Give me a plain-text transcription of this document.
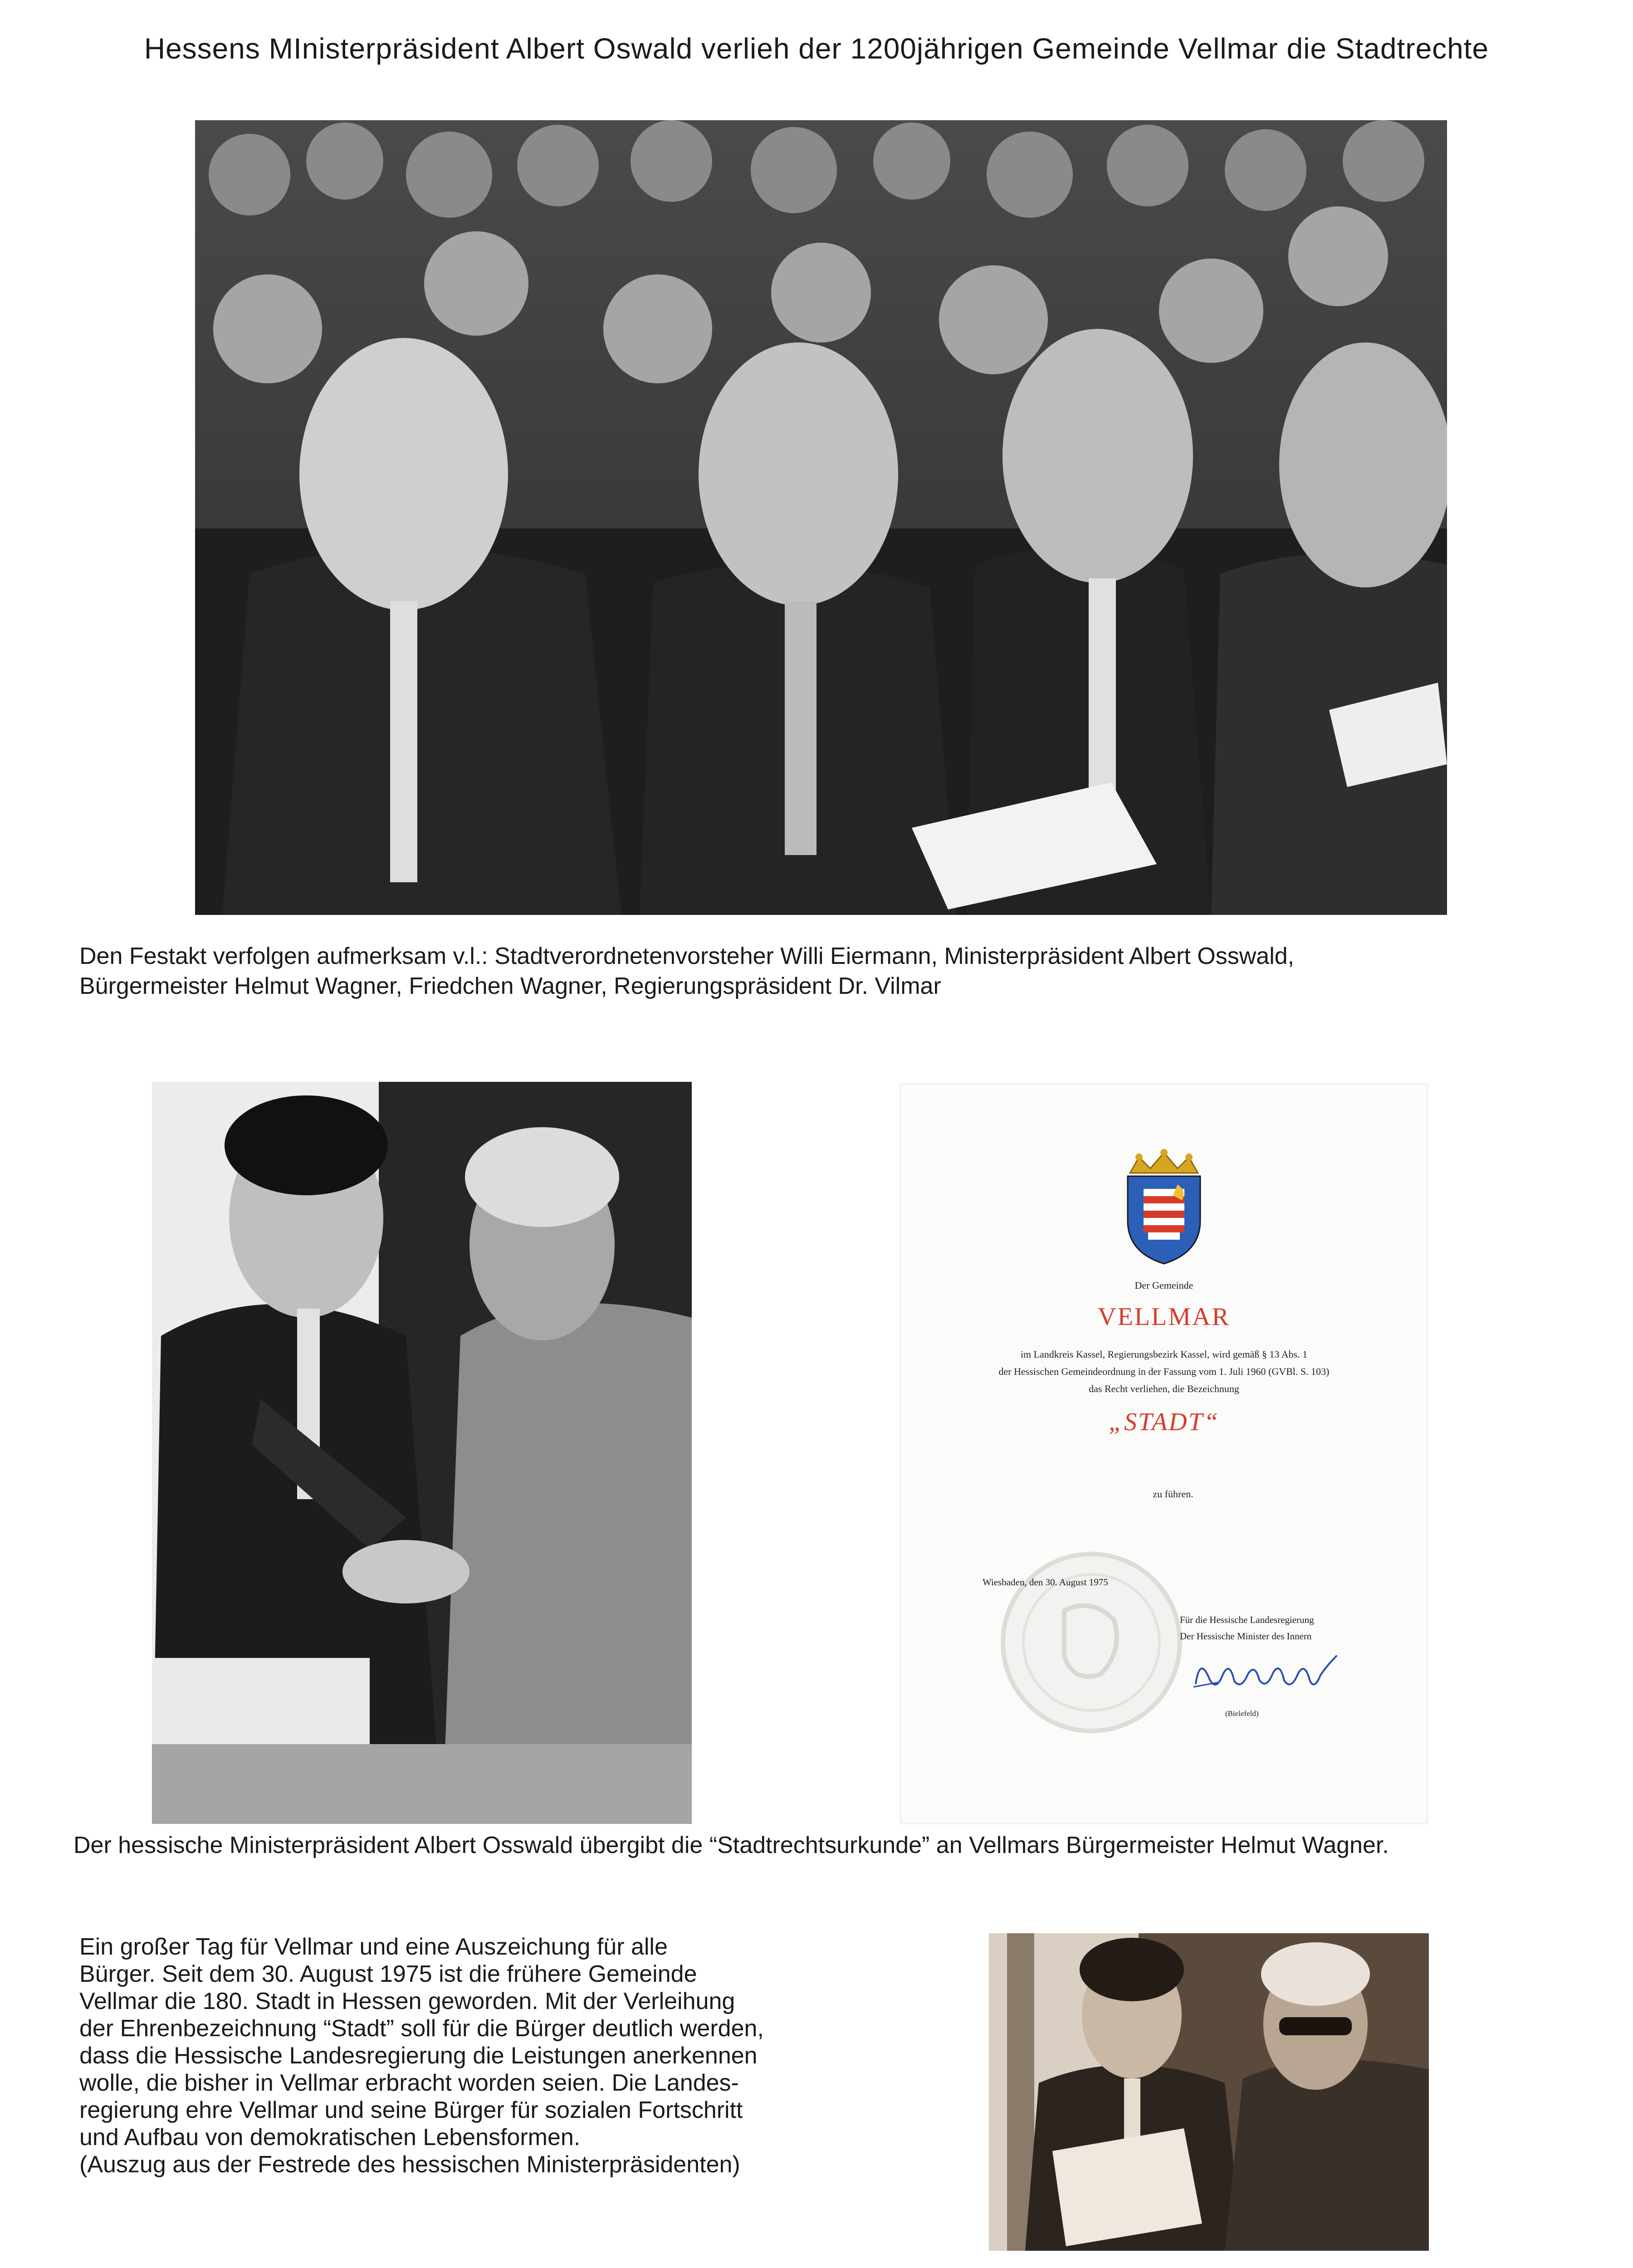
Hessens MInisterpräsident Albert Oswald verlieh der 1200jährigen Gemeinde Vellmar die Stadtrechte
Den Festakt verfolgen aufmerksam v.l.: Stadtverordnetenvorsteher Willi Eiermann, Ministerpräsident Albert Osswald,
Bürgermeister Helmut Wagner, Friedchen Wagner, Regierungspräsident Dr. Vilmar
Der Gemeinde
VELLMAR
im Landkreis Kassel, Regierungsbezirk Kassel, wird gemäß § 13 Abs. 1
der Hessischen Gemeindeordnung in der Fassung vom 1. Juli 1960 (GVBl. S. 103)
das Recht verliehen, die Bezeichnung
„STADT“
zu führen.
Wiesbaden, den 30. August 1975
Für die Hessische Landesregierung
Der Hessische Minister des Innern
(Bielefeld)
Der hessische Ministerpräsident Albert Osswald übergibt die “Stadtrechtsurkunde” an Vellmars Bürgermeister Helmut Wagner.
Ein großer Tag für Vellmar und eine Auszeichung für alle
Bürger. Seit dem 30. August 1975 ist die frühere Gemeinde
Vellmar die 180. Stadt in Hessen geworden. Mit der Verleihung
der Ehrenbezeichnung “Stadt” soll für die Bürger deutlich werden,
dass die Hessische Landesregierung die Leistungen anerkennen
wolle, die bisher in Vellmar erbracht worden seien. Die Landes-
regierung ehre Vellmar und seine Bürger für sozialen Fortschritt
und Aufbau von demokratischen Lebensformen.
(Auszug aus der Festrede des hessischen Ministerpräsidenten)
